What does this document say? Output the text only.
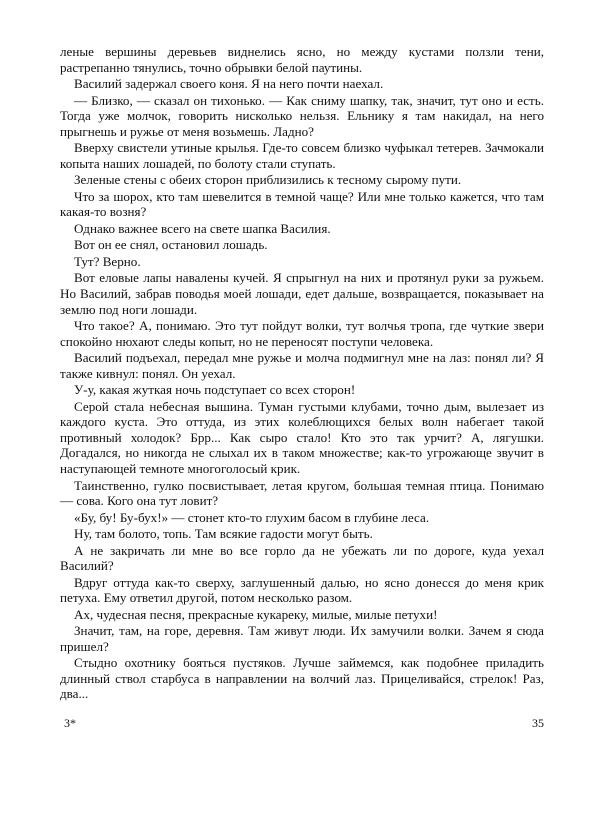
леные вершины деревьев виднелись ясно, но между кустами ползли тени, растрепанно тянулись, точно обрывки белой паутины.

Василий задержал своего коня. Я на него почти наехал.

— Близко, — сказал он тихонько. — Как сниму шапку, так, значит, тут оно и есть. Тогда уже молчок, говорить нисколько нельзя. Ельнику я там накидал, на него прыгнешь и ружье от меня возьмешь. Ладно?

Вверху свистели утиные крылья. Где-то совсем близко чуфыкал тетерев. Зачмокали копыта наших лошадей, по болоту стали ступать.

Зеленые стены с обеих сторон приблизились к тесному сырому пути.

Что за шорох, кто там шевелится в темной чаще? Или мне только кажется, что там какая-то возня?

Однако важнее всего на свете шапка Василия.

Вот он ее снял, остановил лошадь.

Тут? Верно.

Вот еловые лапы навалены кучей. Я спрыгнул на них и протянул руки за ружьем. Но Василий, забрав поводья моей лошади, едет дальше, возвращается, показывает на землю под ноги лошади.

Что такое? А, понимаю. Это тут пойдут волки, тут волчья тропа, где чуткие звери спокойно нюхают следы копыт, но не переносят поступи человека.

Василий подъехал, передал мне ружье и молча подмигнул мне на лаз: понял ли? Я также кивнул: понял. Он уехал.

У-у, какая жуткая ночь подступает со всех сторон!

Серой стала небесная вышина. Туман густыми клубами, точно дым, вылезает из каждого куста. Это оттуда, из этих колеблющихся белых волн набегает такой противный холодок? Брр... Как сыро стало! Кто это так урчит? А, лягушки. Догадался, но никогда не слыхал их в таком множестве; как-то угрожающе звучит в наступающей темноте многоголосый крик.

Таинственно, гулко посвистывает, летая кругом, большая темная птица. Понимаю — сова. Кого она тут ловит?

«Бу, бу! Бу-бух!» — стонет кто-то глухим басом в глубине леса.

Ну, там болото, топь. Там всякие гадости могут быть.

А не закричать ли мне во все горло да не убежать ли по дороге, куда уехал Василий?

Вдруг оттуда как-то сверху, заглушенный далью, но ясно донесся до меня крик петуха. Ему ответил другой, потом несколько разом.

Ах, чудесная песня, прекрасные кукареку, милые, милые петухи!

Значит, там, на горе, деревня. Там живут люди. Их замучили волки. Зачем я сюда пришел?

Стыдно охотнику бояться пустяков. Лучше займемся, как подобнее приладить длинный ствол старбуса в направлении на волчий лаз. Прицеливайся, стрелок! Раз, два...

3*	35
